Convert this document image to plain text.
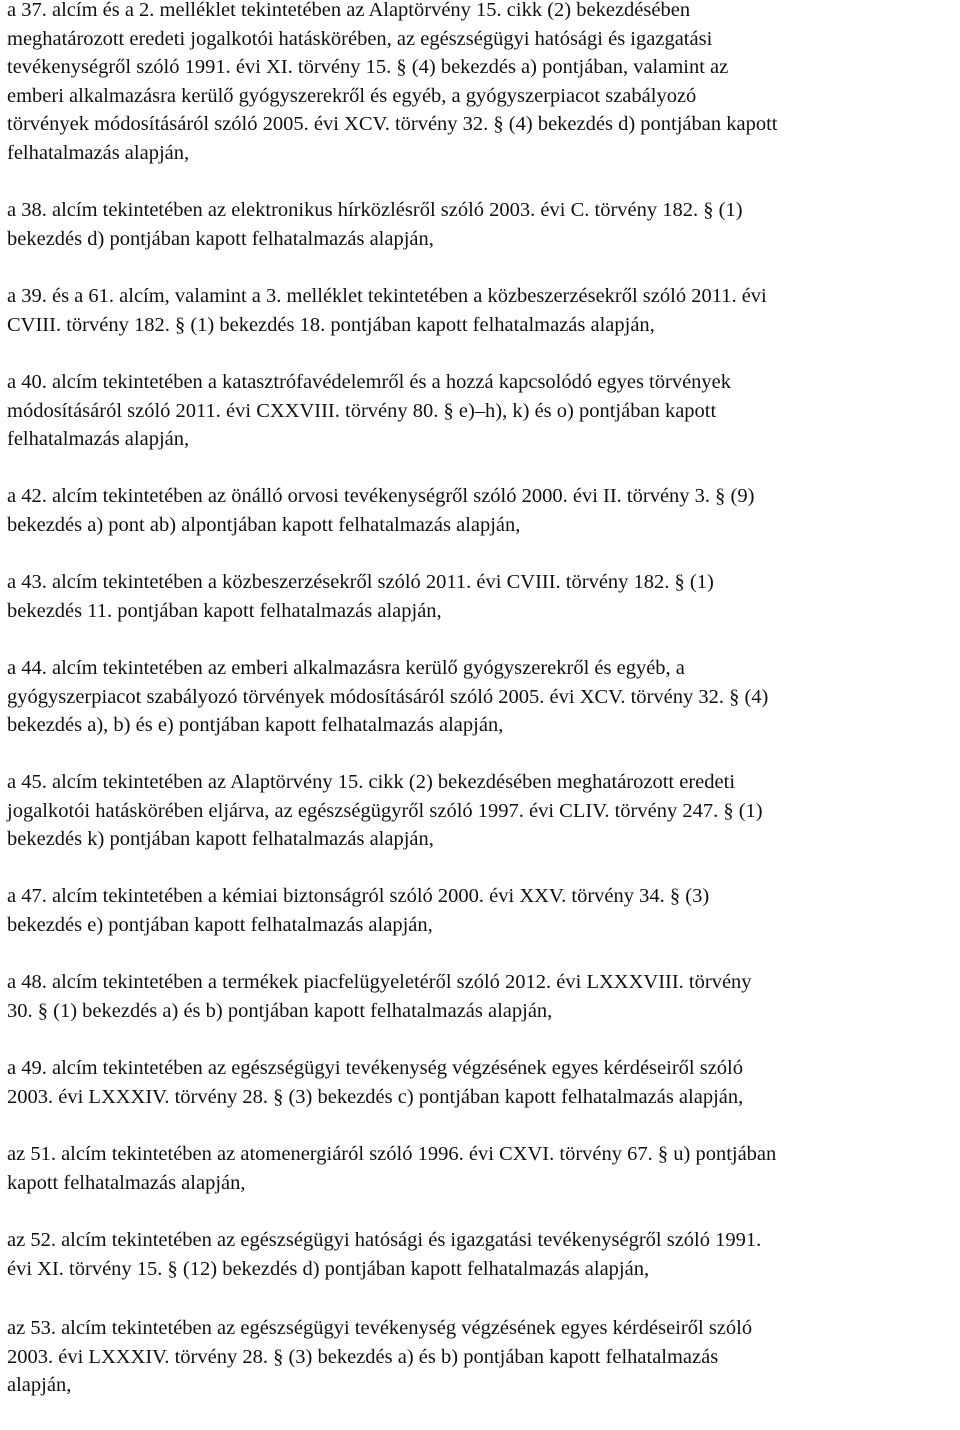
a 37. alcím és a 2. melléklet tekintetében az Alaptörvény 15. cikk (2) bekezdésében
meghatározott eredeti jogalkotói hatáskörében, az egészségügyi hatósági és igazgatási
tevékenységről szóló 1991. évi XI. törvény 15. § (4) bekezdés a) pontjában, valamint az
emberi alkalmazásra kerülő gyógyszerekről és egyéb, a gyógyszerpiacot szabályozó
törvények módosításáról szóló 2005. évi XCV. törvény 32. § (4) bekezdés d) pontjában kapott
felhatalmazás alapján,
a 38. alcím tekintetében az elektronikus hírközlésről szóló 2003. évi C. törvény 182. § (1)
bekezdés d) pontjában kapott felhatalmazás alapján,
a 39. és a 61. alcím, valamint a 3. melléklet tekintetében a közbeszerzésekről szóló 2011. évi
CVIII. törvény 182. § (1) bekezdés 18. pontjában kapott felhatalmazás alapján,
a 40. alcím tekintetében a katasztrófavédelemről és a hozzá kapcsolódó egyes törvények
módosításáról szóló 2011. évi CXXVIII. törvény 80. § e)–h), k) és o) pontjában kapott
felhatalmazás alapján,
a 42. alcím tekintetében az önálló orvosi tevékenységről szóló 2000. évi II. törvény 3. § (9)
bekezdés a) pont ab) alpontjában kapott felhatalmazás alapján,
a 43. alcím tekintetében a közbeszerzésekről szóló 2011. évi CVIII. törvény 182. § (1)
bekezdés 11. pontjában kapott felhatalmazás alapján,
a 44. alcím tekintetében az emberi alkalmazásra kerülő gyógyszerekről és egyéb, a
gyógyszerpiacot szabályozó törvények módosításáról szóló 2005. évi XCV. törvény 32. § (4)
bekezdés a), b) és e) pontjában kapott felhatalmazás alapján,
a 45. alcím tekintetében az Alaptörvény 15. cikk (2) bekezdésében meghatározott eredeti
jogalkotói hatáskörében eljárva, az egészségügyről szóló 1997. évi CLIV. törvény 247. § (1)
bekezdés k) pontjában kapott felhatalmazás alapján,
a 47. alcím tekintetében a kémiai biztonságról szóló 2000. évi XXV. törvény 34. § (3)
bekezdés e) pontjában kapott felhatalmazás alapján,
a 48. alcím tekintetében a termékek piacfelügyeletéről szóló 2012. évi LXXXVIII. törvény
30. § (1) bekezdés a) és b) pontjában kapott felhatalmazás alapján,
a 49. alcím tekintetében az egészségügyi tevékenység végzésének egyes kérdéseiről szóló
2003. évi LXXXIV. törvény 28. § (3) bekezdés c) pontjában kapott felhatalmazás alapján,
az 51. alcím tekintetében az atomenergiáról szóló 1996. évi CXVI. törvény 67. § u) pontjában
kapott felhatalmazás alapján,
az 52. alcím tekintetében az egészségügyi hatósági és igazgatási tevékenységről szóló 1991.
évi XI. törvény 15. § (12) bekezdés d) pontjában kapott felhatalmazás alapján,
az 53. alcím tekintetében az egészségügyi tevékenység végzésének egyes kérdéseiről szóló
2003. évi LXXXIV. törvény 28. § (3) bekezdés a) és b) pontjában kapott felhatalmazás
alapján,
